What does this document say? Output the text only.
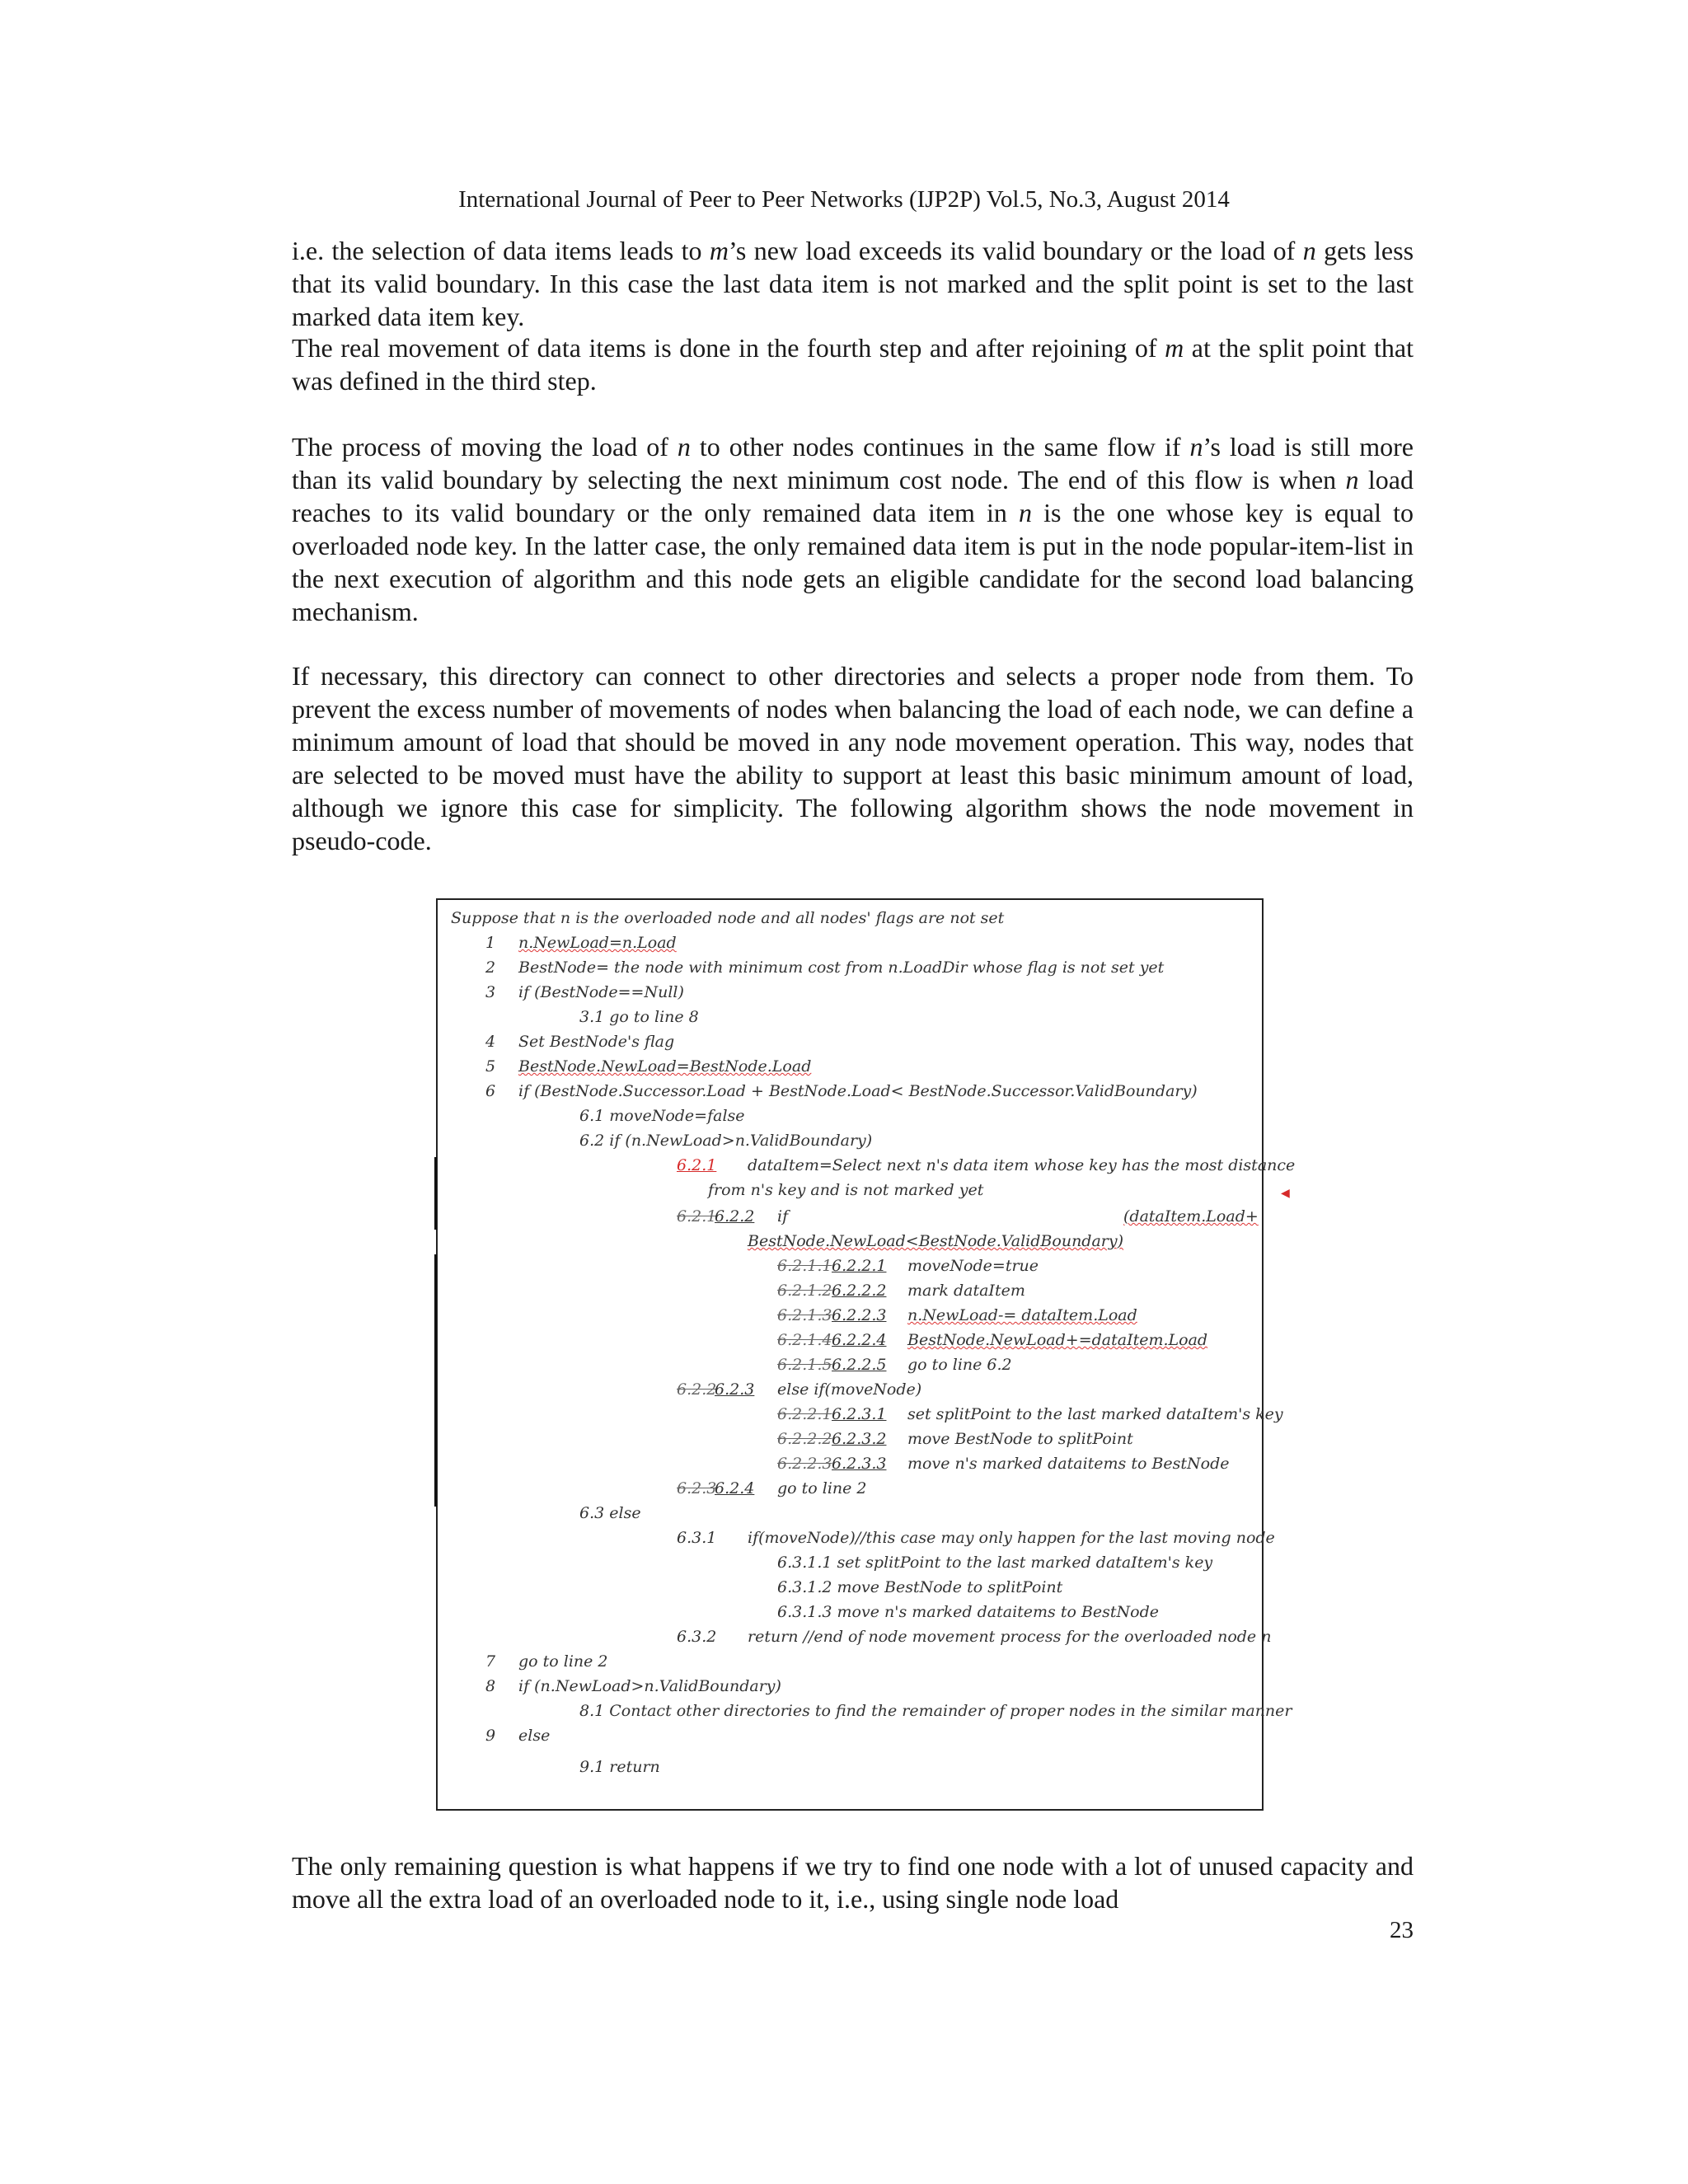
International Journal of Peer to Peer Networks (IJP2P) Vol.5, No.3, August 2014

i.e. the selection of data items leads to m’s new load exceeds its valid boundary or the load of n gets less that its valid boundary. In this case the last data item is not marked and the split point is set to the last marked data item key.

The real movement of data items is done in the fourth step and after rejoining of m at the split point that was defined in the third step.

The process of moving the load of n to other nodes continues in the same flow if n’s load is still more than its valid boundary by selecting the next minimum cost node. The end of this flow is when n load reaches to its valid boundary or the only remained data item in n is the one whose key is equal to overloaded node key. In the latter case, the only remained data item is put in the node popular-item-list in the next execution of algorithm and this node gets an eligible candidate for the second load balancing mechanism.

If necessary, this directory can connect to other directories and selects a proper node from them. To prevent the excess number of movements of nodes when balancing the load of each node, we can define a minimum amount of load that should be moved in any node movement operation. This way, nodes that are selected to be moved must have the ability to support at least this basic minimum amount of load, although we ignore this case for simplicity. The following algorithm shows the node movement in pseudo-code.

Suppose that n is the overloaded node and all nodes' flags are not set
1 n.NewLoad=n.Load
2 BestNode= the node with minimum cost from n.LoadDir whose flag is not set yet
3 if (BestNode==Null)
3.1 go to line 8
4 Set BestNode's flag
5 BestNode.NewLoad=BestNode.Load
6 if (BestNode.Successor.Load + BestNode.Load< BestNode.Successor.ValidBoundary)
6.1 moveNode=false
6.2 if (n.NewLoad>n.ValidBoundary)
6.2.1 dataItem=Select next n's data item whose key has the most distance
from n's key and is not marked yet
6.2.1
6.2.2 if	(dataItem.Load+
BestNode.NewLoad<BestNode.ValidBoundary)
6.2.1.1 6.2.2.1 moveNode=true
6.2.1.2 6.2.2.2 mark dataItem
6.2.1.3 6.2.2.3 n.NewLoad-= dataItem.Load
6.2.1.4 6.2.2.4 BestNode.NewLoad+=dataItem.Load
6.2.1.5 6.2.2.5 go to line 6.2
6.2.2
6.2.3 else if(moveNode)
6.2.2.1 6.2.3.1 set splitPoint to the last marked dataItem's key
6.2.2.2 6.2.3.2 move BestNode to splitPoint
6.2.2.3 6.2.3.3 move n's marked dataitems to BestNode
6.2.3
6.2.4 go to line 2
6.3 else
6.3.1 if(moveNode)//this case may only happen for the last moving node
6.3.1.1 set splitPoint to the last marked dataItem's key
6.3.1.2 move BestNode to splitPoint
6.3.1.3 move n's marked dataitems to BestNode
6.3.2 return //end of node movement process for the overloaded node n
7 go to line 2
8 if (n.NewLoad>n.ValidBoundary)
8.1 Contact other directories to find the remainder of proper nodes in the similar manner
9 else
9.1 return
◀

The only remaining question is what happens if we try to find one node with a lot of unused capacity and move all the extra load of an overloaded node to it, i.e., using single node load

23
